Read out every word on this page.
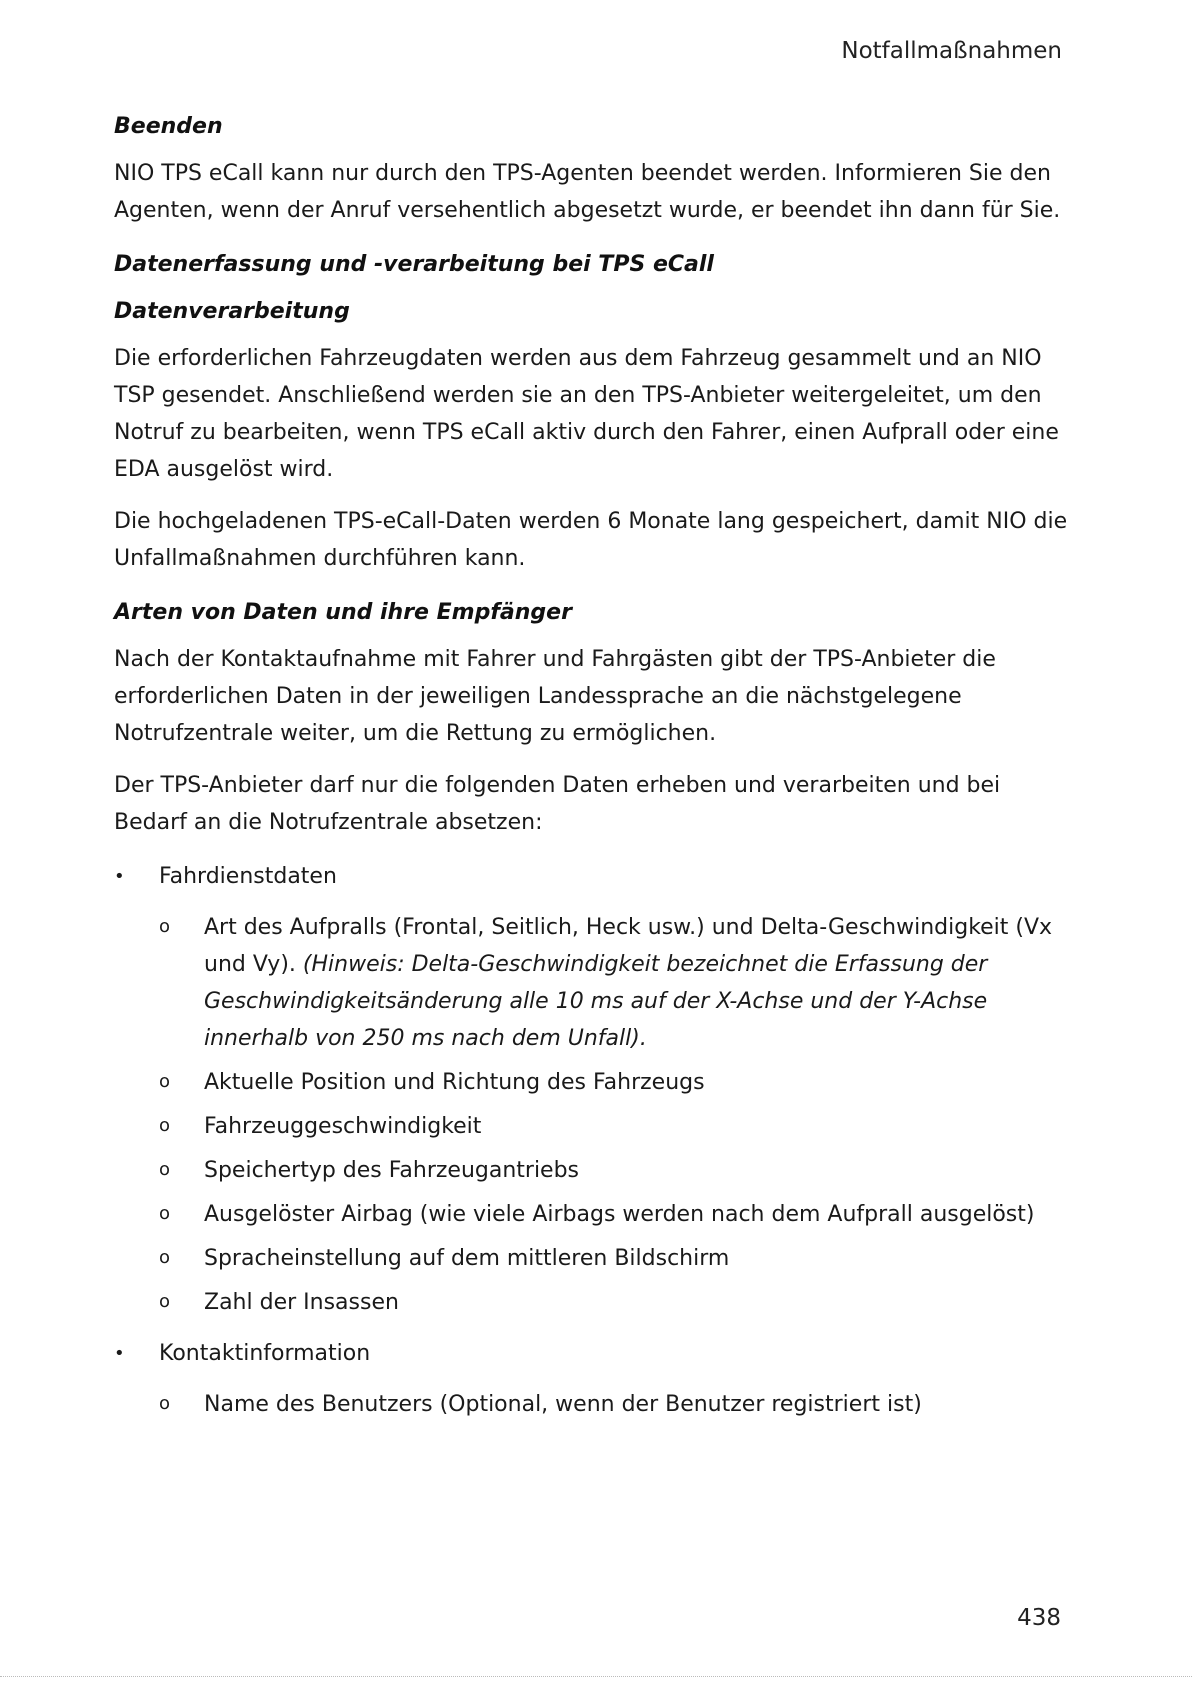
Notfallmaßnahmen
Beenden

NIO TPS eCall kann nur durch den TPS-Agenten beendet werden. Informieren Sie den Agenten, wenn der Anruf versehentlich abgesetzt wurde, er beendet ihn dann für Sie.

Datenerfassung und -verarbeitung bei TPS eCall
Datenverarbeitung

Die erforderlichen Fahrzeugdaten werden aus dem Fahrzeug gesammelt und an NIO TSP gesendet. Anschließend werden sie an den TPS-Anbieter weitergeleitet, um den Notruf zu bearbeiten, wenn TPS eCall aktiv durch den Fahrer, einen Aufprall oder eine EDA ausgelöst wird.

Die hochgeladenen TPS-eCall-Daten werden 6 Monate lang gespeichert, damit NIO die Unfallmaßnahmen durchführen kann.

Arten von Daten und ihre Empfänger

Nach der Kontaktaufnahme mit Fahrer und Fahrgästen gibt der TPS-Anbieter die erforderlichen Daten in der jeweiligen Landessprache an die nächstgelegene Notrufzentrale weiter, um die Rettung zu ermöglichen.

Der TPS-Anbieter darf nur die folgenden Daten erheben und verarbeiten und bei Bedarf an die Notrufzentrale absetzen:

• Fahrdienstdaten
o Art des Aufpralls (Frontal, Seitlich, Heck usw.) und Delta-Geschwindigkeit (Vx und Vy). (Hinweis: Delta-Geschwindigkeit bezeichnet die Erfassung der Geschwindigkeitsänderung alle 10 ms auf der X-Achse und der Y-Achse innerhalb von 250 ms nach dem Unfall).
o Aktuelle Position und Richtung des Fahrzeugs
o Fahrzeuggeschwindigkeit
o Speichertyp des Fahrzeugantriebs
o Ausgelöster Airbag (wie viele Airbags werden nach dem Aufprall ausgelöst)
o Spracheinstellung auf dem mittleren Bildschirm
o Zahl der Insassen
• Kontaktinformation
o Name des Benutzers (Optional, wenn der Benutzer registriert ist)
438
